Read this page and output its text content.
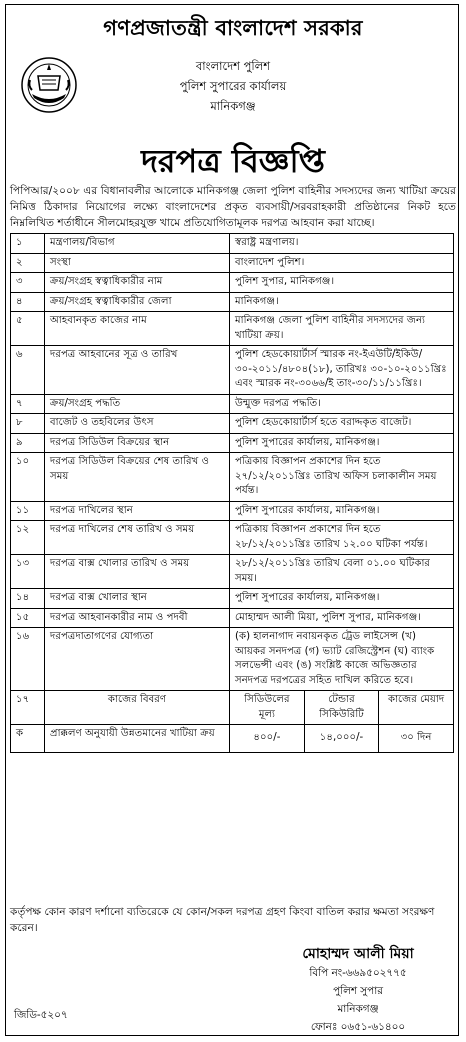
গণপ্রজাতন্ত্রী বাংলাদেশ সরকার
বাংলাদেশ পুলিশ
পুলিশ সুপারের কার্যালয়
মানিকগঞ্জ
দরপত্র বিজ্ঞপ্তি
পিপিআর/২০০৮ এর বিধানাবলীর আলোকে মানিকগঞ্জ জেলা পুলিশ বাহিনীর সদস্যদের জন্য খাটিয়া ক্রয়ের নিমিত্ত ঠিকাদার নিয়োগের লক্ষ্যে বাংলাদেশের প্রকৃত ব্যবসায়ী/সরবরাহকারী প্রতিষ্ঠানের নিকট হতে নিম্নলিখিত শর্তাধীনে সীলমোহরযুক্ত খামে প্রতিযোগিতামূলক দরপত্র আহবান করা যাচ্ছে।
১	মন্ত্রণালয়/বিভাগ	স্বরাষ্ট্র মন্ত্রণালয়।
২	সংস্থা	বাংলাদেশ পুলিশ।
৩	ক্রয়/সংগ্রহ স্বত্বাধিকারীর নাম	পুলিশ সুপার, মানিকগঞ্জ।
৪	ক্রয়/সংগ্রহ স্বত্বাধিকারীর জেলা	মানিকগঞ্জ।
৫	আহবানকৃত কাজের নাম	মানিকগঞ্জ জেলা পুলিশ বাহিনীর সদস্যদের জন্য খাটিয়া ক্রয়।
৬	দরপত্র আহবানের সূত্র ও তারিখ	পুলিশ হেডকোয়ার্টার্স স্মারক নং-ইএউটি/ইকিউ/৩০-২০১১/৪৮০৪(১৮), তারিখঃ ৩০-১০-২০১১খ্রিঃ এবং স্মারক নং-৩০৬৬/ই তাং-৩০/১১/১১খ্রিঃ।
৭	ক্রয়/সংগ্রহ পদ্ধতি	উন্মুক্ত দরপত্র পদ্ধতি।
৮	বাজেট ও তহবিলের উৎস	পুলিশ হেডকোয়ার্টার্স হতে বরাদ্দকৃত বাজেট।
৯	দরপত্র সিডিউল বিক্রয়ের স্থান	পুলিশ সুপারের কার্যালয়, মানিকগঞ্জ।
১০	দরপত্র সিডিউল বিক্রয়ের শেষ তারিখ ও সময়	পত্রিকায় বিজ্ঞাপন প্রকাশের দিন হতে ২৭/১২/২০১১খ্রিঃ তারিখ অফিস চলাকালীন সময় পর্যন্ত।
১১	দরপত্র দাখিলের স্থান	পুলিশ সুপারের কার্যালয়, মানিকগঞ্জ।
১২	দরপত্র দাখিলের শেষ তারিখ ও সময়	পত্রিকায় বিজ্ঞাপন প্রকাশের দিন হতে ২৮/১২/২০১১খ্রিঃ তারিখ ১২.০০ ঘটিকা পর্যন্ত।
১৩	দরপত্র বাক্স খোলার তারিখ ও সময়	২৮/১২/২০১১খ্রিঃ তারিখ বেলা ০১.০০ ঘটিকার সময়।
১৪	দরপত্র বাক্স খোলার স্থান	পুলিশ সুপারের কার্যালয়, মানিকগঞ্জ।
১৫	দরপত্র আহবানকারীর নাম ও পদবী	মোহাম্মদ আলী মিয়া, পুলিশ সুপার, মানিকগঞ্জ।
১৬	দরপত্রদাতাগণের যোগ্যতা	(ক) হালনাগাদ নবায়নকৃত ট্রেড লাইসেন্স (খ) আয়কর সনদপত্র (গ) ভ্যাট রেজিস্ট্রেশন (ঘ) ব্যাংক সলভেন্সী এবং (ঙ) সংশ্লিষ্ট কাজে অভিজ্ঞতার সনদপত্র দরপত্রের সহিত দাখিল করিতে হবে।
১৭	কাজের বিবরণ		সিডিউলের মূল্য	টেন্ডার সিকিউরিটি	কাজের মেয়াদ

ক	প্রাক্কলণ অনুযায়ী উন্নতমানের খাটিয়া ক্রয়		৪০০/-	১৪,০০০/-	৩০ দিন
কর্তৃপক্ষ কোন কারণ দর্শানো ব্যতিরেকে যে কোন/সকল দরপত্র গ্রহণ কিংবা বাতিল করার ক্ষমতা সংরক্ষণ করেন।
মোহাম্মদ আলী মিয়া
বিপি নং-৬৬৯৫০২৭৭৫
পুলিশ সুপার
মানিকগঞ্জ
ফোনঃ ০৬৫১-৬১৪০০
জিডি-৫২০৭
